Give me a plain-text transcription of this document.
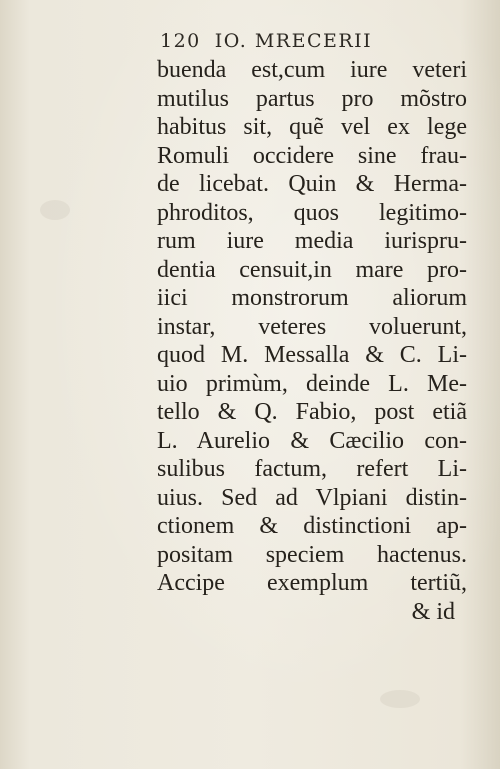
120 IO. MRECERII
buenda est,cum iure veteri
mutilus partus pro mõstro
habitus sit, quẽ vel ex lege
Romuli occidere sine frau-
de licebat. Quin & Herma-
phroditos, quos legitimo-
rum iure media iurispru-
dentia censuit,in mare pro-
iici monstrorum aliorum
instar, veteres voluerunt,
quod M. Messalla & C. Li-
uio primùm, deinde L. Me-
tello & Q. Fabio, post etiã
L. Aurelio & Cæcilio con-
sulibus factum, refert Li-
uius. Sed ad Vlpiani distin-
ctionem & distinctioni ap-
positam speciem hactenus.
Accipe exemplum tertiũ,
& id
